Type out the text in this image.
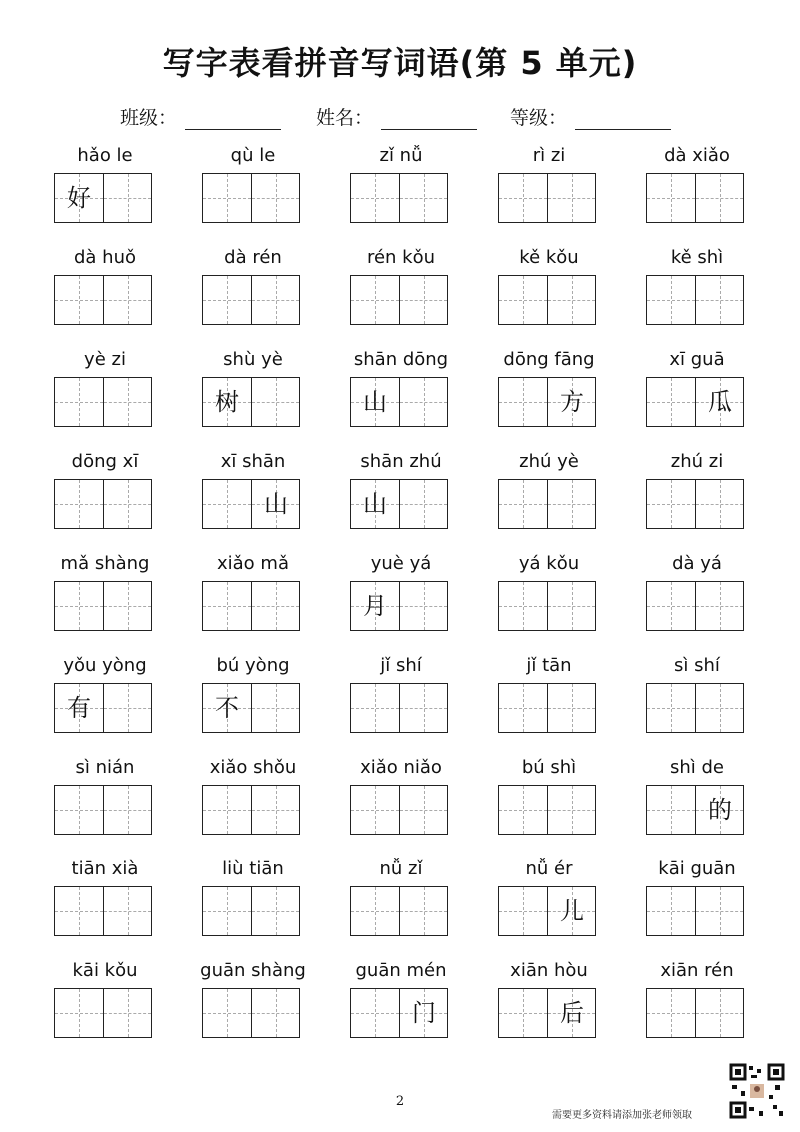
写字表看拼音写词语(第 5 单元)
班级：	姓名：	等级：
hǎo le
好
qù le	zǐ nǚ	rì zi	dà xiǎo
dà huǒ	dà rén	rén kǒu	kě kǒu	kě shì
yè zi	shù yè
树
shān dōng
山
dōng fāng
方
xī guā
瓜
dōng xī	xī shān
山
shān zhú
山
zhú yè	zhú zi
mǎ shàng	xiǎo mǎ	yuè yá
月
yá kǒu	dà yá
yǒu yòng
有
bú yòng
不
jǐ shí	jǐ tān	sì shí
sì nián	xiǎo shǒu	xiǎo niǎo	bú shì	shì de
的
tiān xià	liù tiān	nǚ zǐ	nǚ ér
儿
kāi guān
kāi kǒu	guān shàng	guān mén
门
xiān hòu
后
xiān rén
2
需要更多资料请添加张老师领取
